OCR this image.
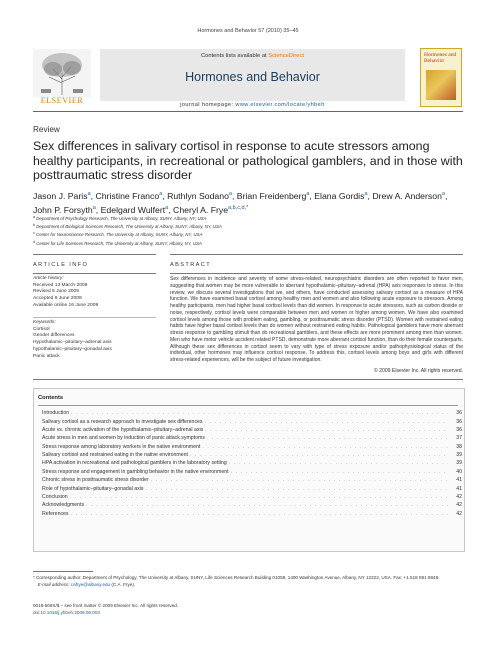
Hormones and Behavior 57 (2010) 35–45
ELSEVIER
Contents lists available at ScienceDirect
Hormones and Behavior
journal homepage: www.elsevier.com/locate/yhbeh
Hormones and Behavior
Review
Sex differences in salivary cortisol in response to acute stressors among healthy participants, in recreational or pathological gamblers, and in those with posttraumatic stress disorder
Jason J. Paris$^a$, Christine Franco$^a$, Ruthlyn Sodano$^a$, Brian Freidenberg$^a$, Elana Gordis$^a$, Drew A. Anderson$^a$,
John P. Forsyth$^a$, Edelgard Wulfert$^a$, Cheryl A. Frye$^{a,b,c,d,*}$
$^a$ Department of Psychology Research, The University at Albany, SUNY, Albany, NY, USA
$^b$ Department of Biological Sciences Research, The University at Albany, SUNY, Albany, NY, USA
$^c$ Center for Neuroscience Research, The University at Albany, SUNY, Albany, NY, USA
$^d$ Center for Life Sciences Research, The University at Albany, SUNY, Albany, NY, USA
ARTICLE INFO	ABSTRACT
Article history:
Received 13 March 2009
Revised 5 June 2009
Accepted 9 June 2009
Available online 16 June 2009
Keywords:
Cortisol
Gender differences
Hypothalamic–pituitary–adrenal axis
hypothalamic–pituitary–gonadal axis
Panic attack
Sex differences in incidence and severity of some stress-related, neuropsychiatric disorders are often reported to favor men, suggesting that women may be more vulnerable to aberrant hypothalamic–pituitary–adrenal (HPA) axis responses to stress. In this review, we discuss several investigations that we, and others, have conducted assessing salivary cortisol as a measure of HPA function. We have examined basal cortisol among healthy men and women and also following acute exposure to stressors. Among healthy participants, men had higher basal cortisol levels than did women. In response to acute stressors, such as carbon dioxide or noise, respectively, cortisol levels were comparable between men and women or higher among women. We have also examined cortisol levels among those with problem eating, gambling, or posttraumatic stress disorder (PTSD). Women with restrained eating habits have higher basal cortisol levels than do women without restrained eating habits. Pathological gamblers have more aberrant stress response to gambling stimuli than do recreational gamblers, and these effects are more prominent among men than women. Men who have motor vehicle accident related PTSD, demonstrate more aberrant cortisol function, than do their female counterparts. Although these sex differences in cortisol seem to vary with type of stress exposure and/or pathophysiological status of the individual, other hormones may influence cortisol response. To address this, cortisol levels among boys and girls with different stress-related experiences, will be the subject of future investigation.
© 2009 Elsevier Inc. All rights reserved.
Contents
Introduction . . .	36
Salivary cortisol as a research approach to investigate sex differences . . .	36
Acute vs. chronic activation of the hypothalamic–pituitary–adrenal axis . . .	36
Acute stress in men and women by induction of panic attack symptoms . . .	37
Stress response among laboratory workers in the native environment . . .	38
Salivary cortisol and restrained eating in the native environment . . .	39
HPA activation in recreational and pathological gamblers in the laboratory setting . . .	39
Stress response and engagement in gambling behavior in the native environment . . .	40
Chronic stress in posttraumatic stress disorder . . .	41
Role of hypothalamic–pituitary–gonadal axis . . .	41
Conclusion . . .	42
Acknowledgments . . .	42
References . . .	42
* Corresponding author. Department of Psychology, The University at Albany, SUNY, Life Sciences Research Building 01058, 1400 Washington Avenue, Albany, NY 12222, USA. Fax: +1 518 591 8848.
 E-mail address: cafrye@albany.edu (C.A. Frye).
0018-506X/$ – see front matter © 2009 Elsevier Inc. All rights reserved.
doi:10.1016/j.yhbeh.2009.06.003
